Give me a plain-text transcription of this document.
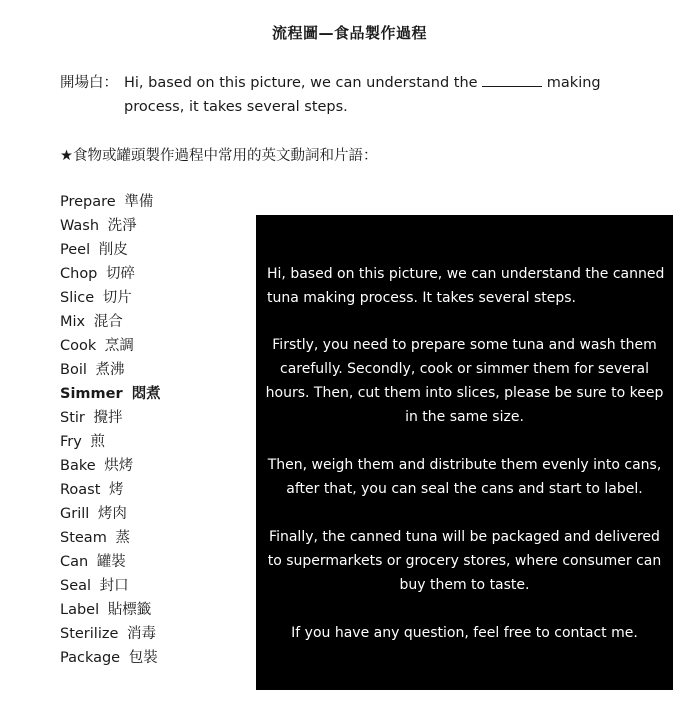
流程圖—食品製作過程
開場白： Hi, based on this picture, we can understand the	making
process, it takes several steps.
★食物或罐頭製作過程中常用的英文動詞和片語：
Prepare 準備
Wash 洗淨
Peel 削皮
Chop 切碎
Slice 切片
Mix 混合
Cook 烹調
Boil 煮沸
Simmer 悶煮
Stir 攪拌
Fry 煎
Bake 烘烤
Roast 烤
Grill 烤肉
Steam 蒸
Can 罐裝
Seal 封口
Label 貼標籤
Sterilize 消毒
Package 包裝

Hi, based on this picture, we can understand the canned tuna making process. It takes several steps.

Firstly, you need to prepare some tuna and wash them carefully. Secondly, cook or simmer them for several hours. Then, cut them into slices, please be sure to keep in the same size.

Then, weigh them and distribute them evenly into cans, after that, you can seal the cans and start to label.

Finally, the canned tuna will be packaged and delivered to supermarkets or grocery stores, where consumer can buy them to taste.

If you have any question, feel free to contact me.
